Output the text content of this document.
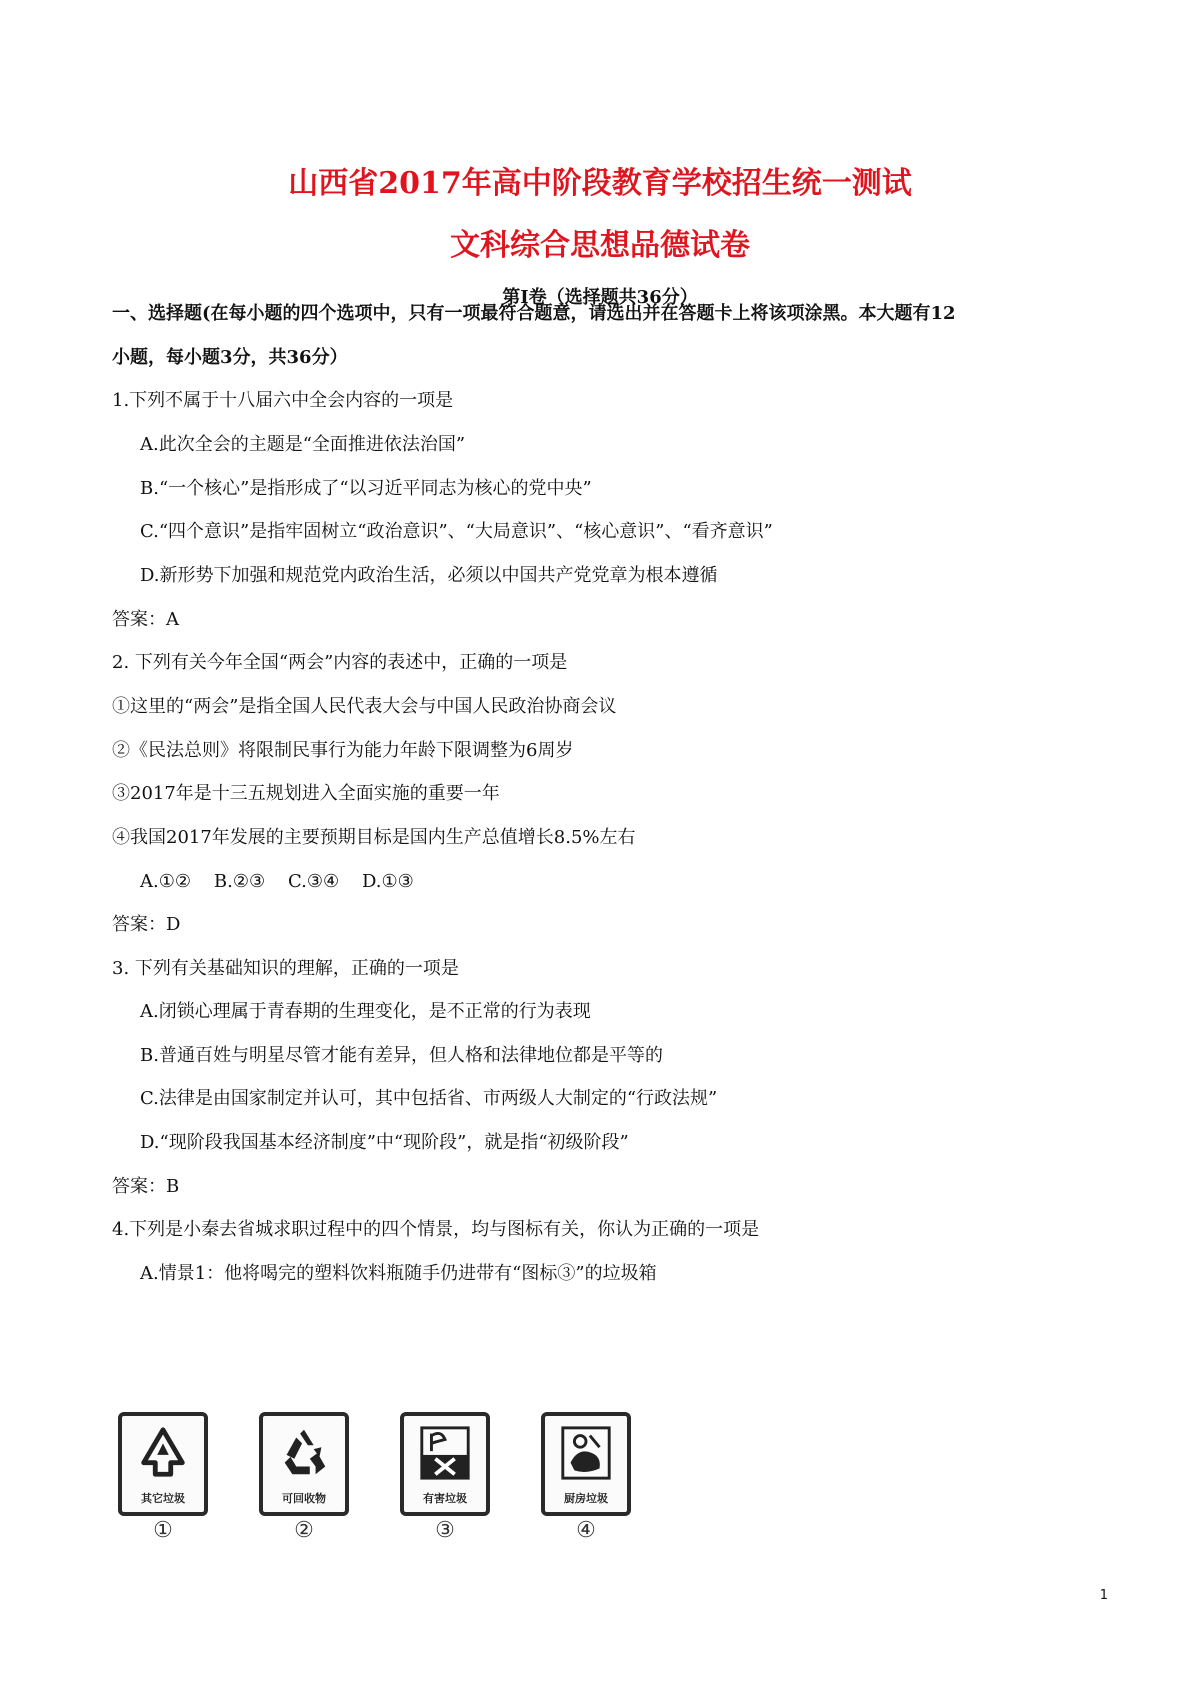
山西省2017年高中阶段教育学校招生统一测试
文科综合思想品德试卷
第Ⅰ卷（选择题共36分）
一、选择题(在每小题的四个选项中，只有一项最符合题意，请选出并在答题卡上将该项涂黑。本大题有12
小题，每小题3分，共36分）
1.下列不属于十八届六中全会内容的一项是
A.此次全会的主题是“全面推进依法治国”
B.“一个核心”是指形成了“以习近平同志为核心的党中央”
C.“四个意识”是指牢固树立“政治意识”、“大局意识”、“核心意识”、“看齐意识”
D.新形势下加强和规范党内政治生活，必须以中国共产党党章为根本遵循
答案：A
2. 下列有关今年全国“两会”内容的表述中，正确的一项是
①这里的“两会”是指全国人民代表大会与中国人民政治协商会议
②《民法总则》将限制民事行为能力年龄下限调整为6周岁
③2017年是十三五规划进入全面实施的重要一年
④我国2017年发展的主要预期目标是国内生产总值增长8.5%左右
A.①②    B.②③    C.③④    D.①③
答案：D
3. 下列有关基础知识的理解，正确的一项是
A.闭锁心理属于青春期的生理变化，是不正常的行为表现
B.普通百姓与明星尽管才能有差异，但人格和法律地位都是平等的
C.法律是由国家制定并认可，其中包括省、市两级人大制定的“行政法规”
D.“现阶段我国基本经济制度”中“现阶段”，就是指“初级阶段”
答案：B
4.下列是小秦去省城求职过程中的四个情景，均与图标有关，你认为正确的一项是
A.情景1：他将喝完的塑料饮料瓶随手仍进带有“图标③”的垃圾箱
其它垃圾
①
可回收物
②
有害垃圾
③
厨房垃圾
④
1
